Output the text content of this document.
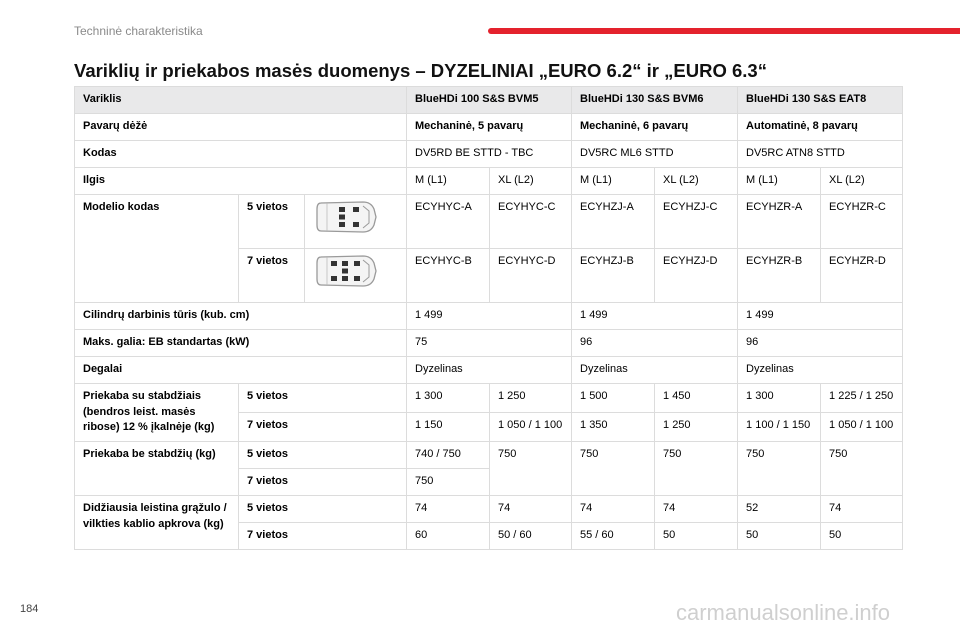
Techninė charakteristika
Variklių ir priekabos masės duomenys – DYZELINIAI „EURO 6.2“ ir „EURO 6.3“
Variklis			BlueHDi 100 S&S BVM5		BlueHDi 130 S&S BVM6		BlueHDi 130 S&S EAT8	
Pavarų dėžė			Mechaninė, 5 pavarų		Mechaninė, 6 pavarų		Automatinė, 8 pavarų	
Kodas			DV5RD BE STTD - TBC		DV5RC ML6 STTD		DV5RC ATN8 STTD	
Ilgis			M (L1)	XL (L2)	M (L1)	XL (L2)	M (L1)	XL (L2)
Modelio kodas	5 vietos		ECYHYC-A	ECYHYC-C	ECYHZJ-A	ECYHZJ-C	ECYHZR-A	ECYHZR-C
	7 vietos		ECYHYC-B	ECYHYC-D	ECYHZJ-B	ECYHZJ-D	ECYHZR-B	ECYHZR-D
Cilindrų darbinis tūris (kub. cm)			1 499		1 499		1 499	
Maks. galia: EB standartas (kW)			75		96		96	
Degalai			Dyzelinas		Dyzelinas		Dyzelinas	
Priekaba su stabdžiais (bendros leist. masės ribose) 12 % įkalnėje (kg)	5 vietos		1 300	1 250	1 500	1 450	1 300	1 225 / 1 250
	7 vietos		1 150	1 050 / 1 100	1 350	1 250	1 100 / 1 150	1 050 / 1 100
Priekaba be stabdžių (kg)	5 vietos		740 / 750	750	750	750	750	750
	7 vietos		750					
Didžiausia leistina grąžulo / vilkties kablio apkrova (kg)	5 vietos		74	74	74	74	52	74
	7 vietos		60	50 / 60	55 / 60	50	50	50
184	carmanualsonline.info
